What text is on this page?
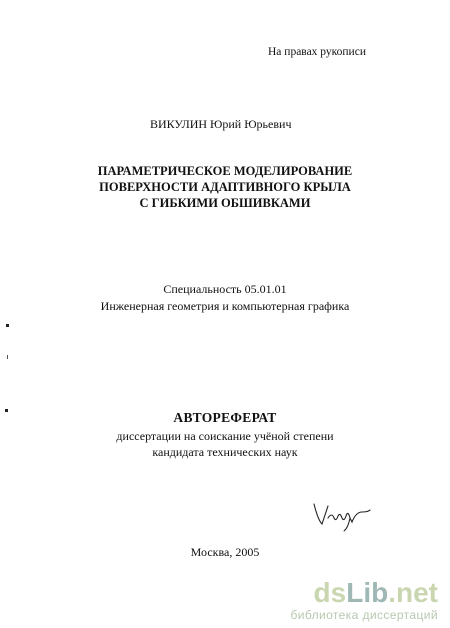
На правах рукописи
ВИКУЛИН Юрий Юрьевич
ПАРАМЕТРИЧЕСКОЕ МОДЕЛИРОВАНИЕ
ПОВЕРХНОСТИ АДАПТИВНОГО КРЫЛА
С ГИБКИМИ ОБШИВКАМИ
Специальность 05.01.01
Инженерная геометрия и компьютерная графика
АВТОРЕФЕРАТ
диссертации на соискание учёной степени
кандидата технических наук
Москва, 2005
dsLib.net
библиотека диссертаций
